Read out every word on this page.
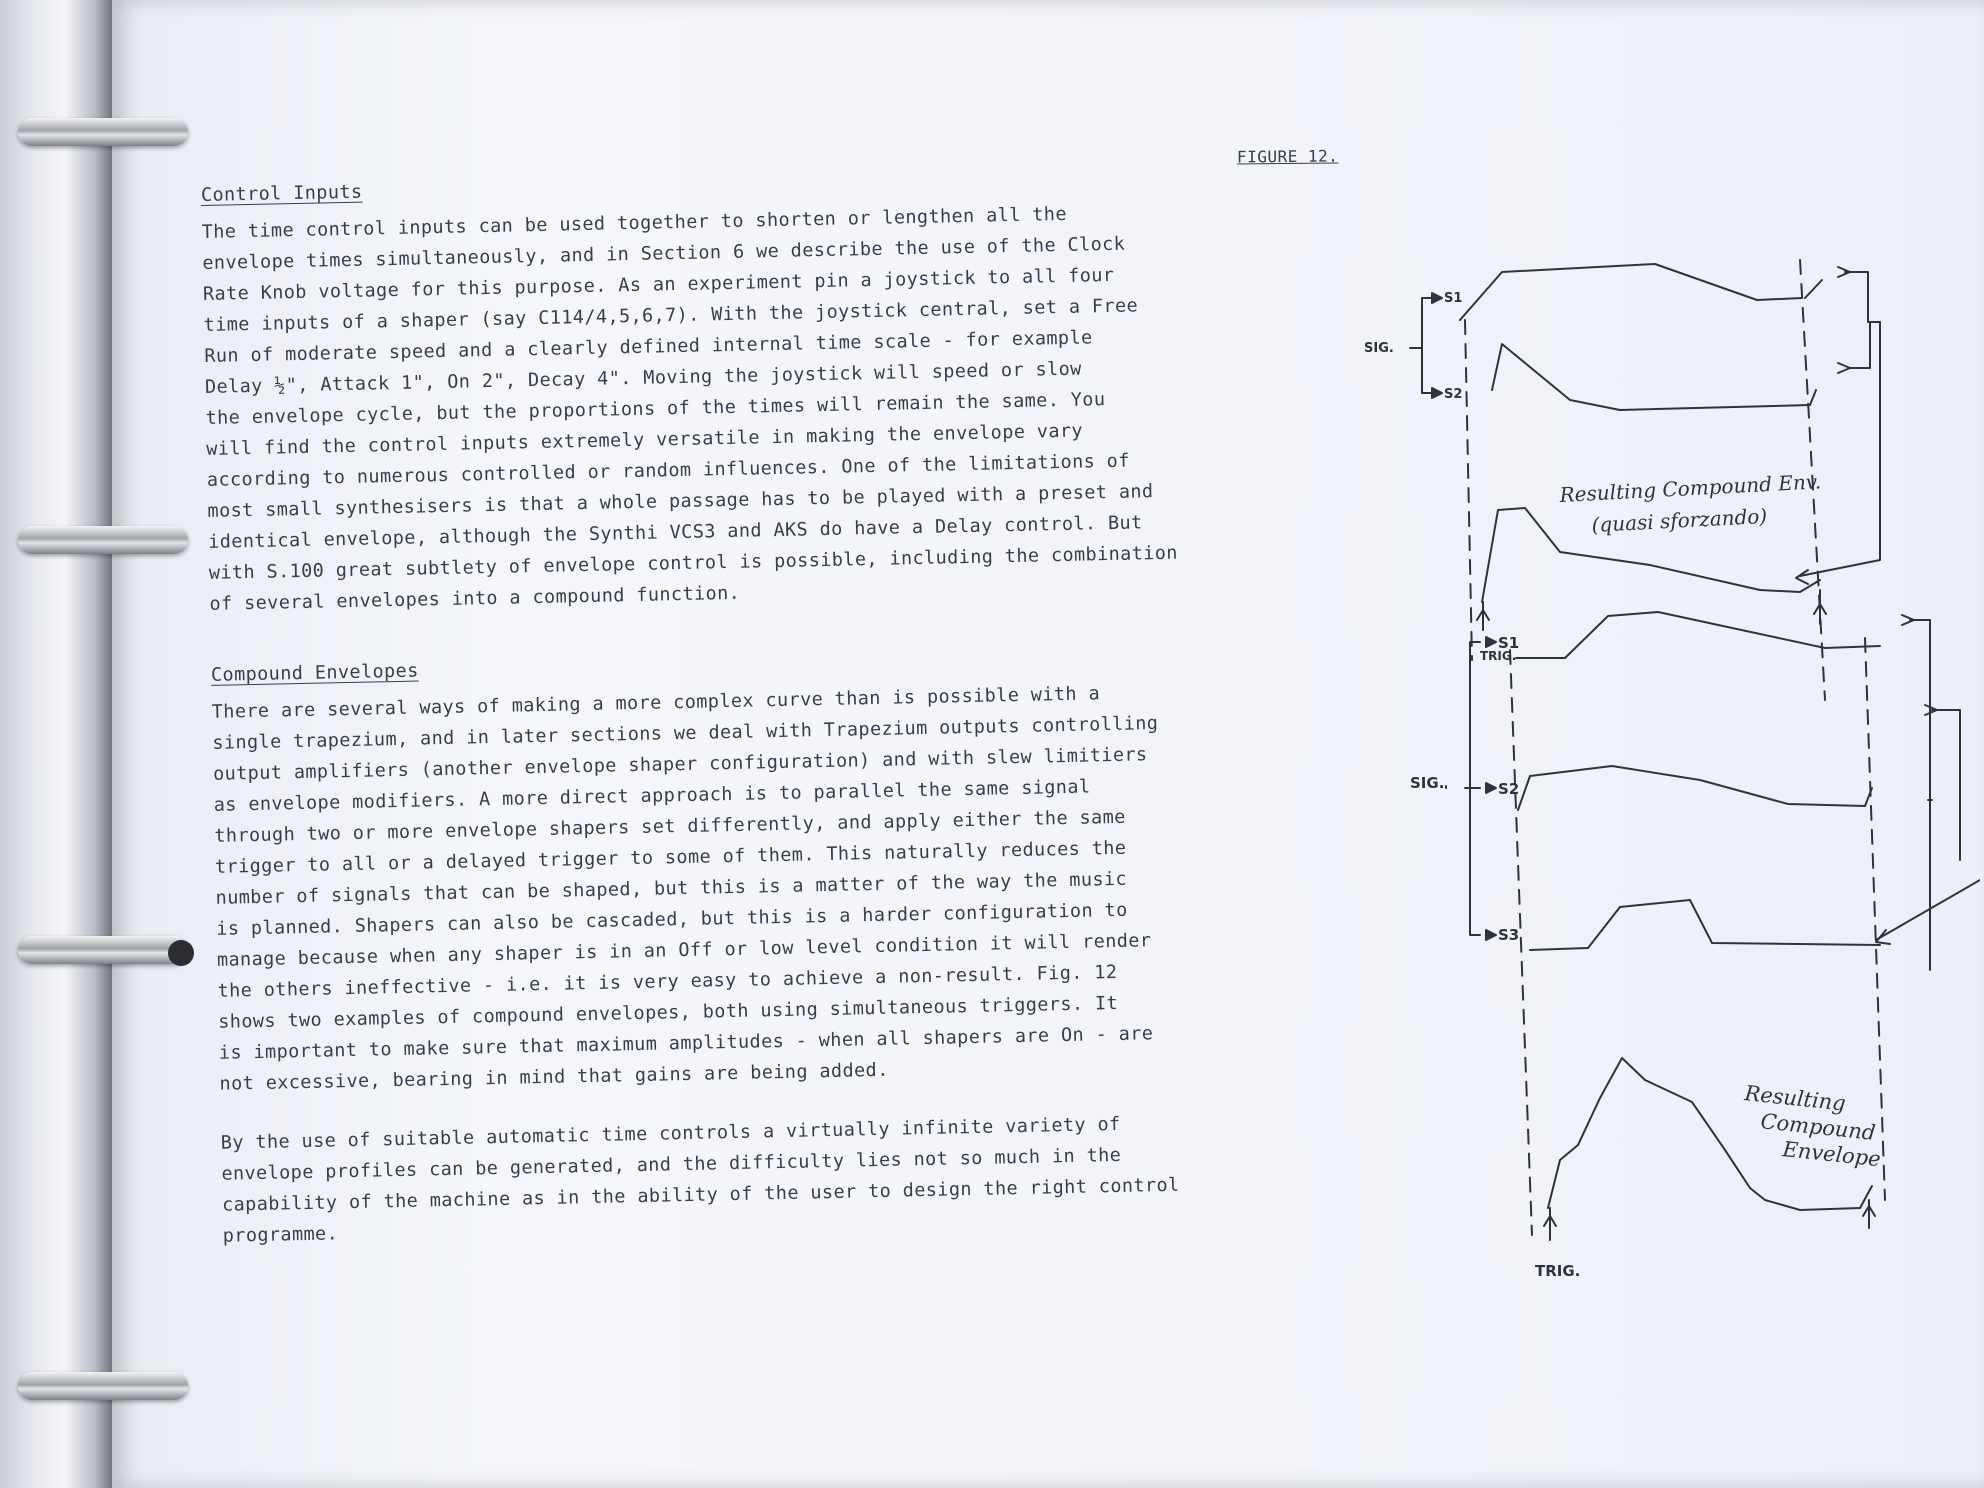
Control Inputs
The time control inputs can be used together to shorten or lengthen all the
envelope times simultaneously, and in Section 6 we describe the use of the Clock
Rate Knob voltage for this purpose. As an experiment pin a joystick to all four
time inputs of a shaper (say C114/4,5,6,7). With the joystick central, set a Free
Run of moderate speed and a clearly defined internal time scale - for example
Delay ½", Attack 1", On 2", Decay 4". Moving the joystick will speed or slow
the envelope cycle, but the proportions of the times will remain the same. You
will find the control inputs extremely versatile in making the envelope vary
according to numerous controlled or random influences. One of the limitations of
most small synthesisers is that a whole passage has to be played with a preset and
identical envelope, although the Synthi VCS3 and AKS do have a Delay control. But
with S.100 great subtlety of envelope control is possible, including the combination
of several envelopes into a compound function.
Compound Envelopes
There are several ways of making a more complex curve than is possible with a
single trapezium, and in later sections we deal with Trapezium outputs controlling
output amplifiers (another envelope shaper configuration) and with slew limitiers
as envelope modifiers. A more direct approach is to parallel the same signal
through two or more envelope shapers set differently, and apply either the same
trigger to all or a delayed trigger to some of them. This naturally reduces the
number of signals that can be shaped, but this is a matter of the way the music
is planned. Shapers can also be cascaded, but this is a harder configuration to
manage because when any shaper is in an Off or low level condition it will render
the others ineffective - i.e. it is very easy to achieve a non-result. Fig. 12
shows two examples of compound envelopes, both using simultaneous triggers. It
is important to make sure that maximum amplitudes - when all shapers are On - are
not excessive, bearing in mind that gains are being added.
By the use of suitable automatic time controls a virtually infinite variety of
envelope profiles can be generated, and the difficulty lies not so much in the
capability of the machine as in the ability of the user to design the right control
programme.
FIGURE 12.
SIG.
S1
S2
Resulting Compound Env.
(quasi sforzando)
TRIG.
SIG.
S1
S2
S3
Resulting
Compound
Envelope
TRIG.
